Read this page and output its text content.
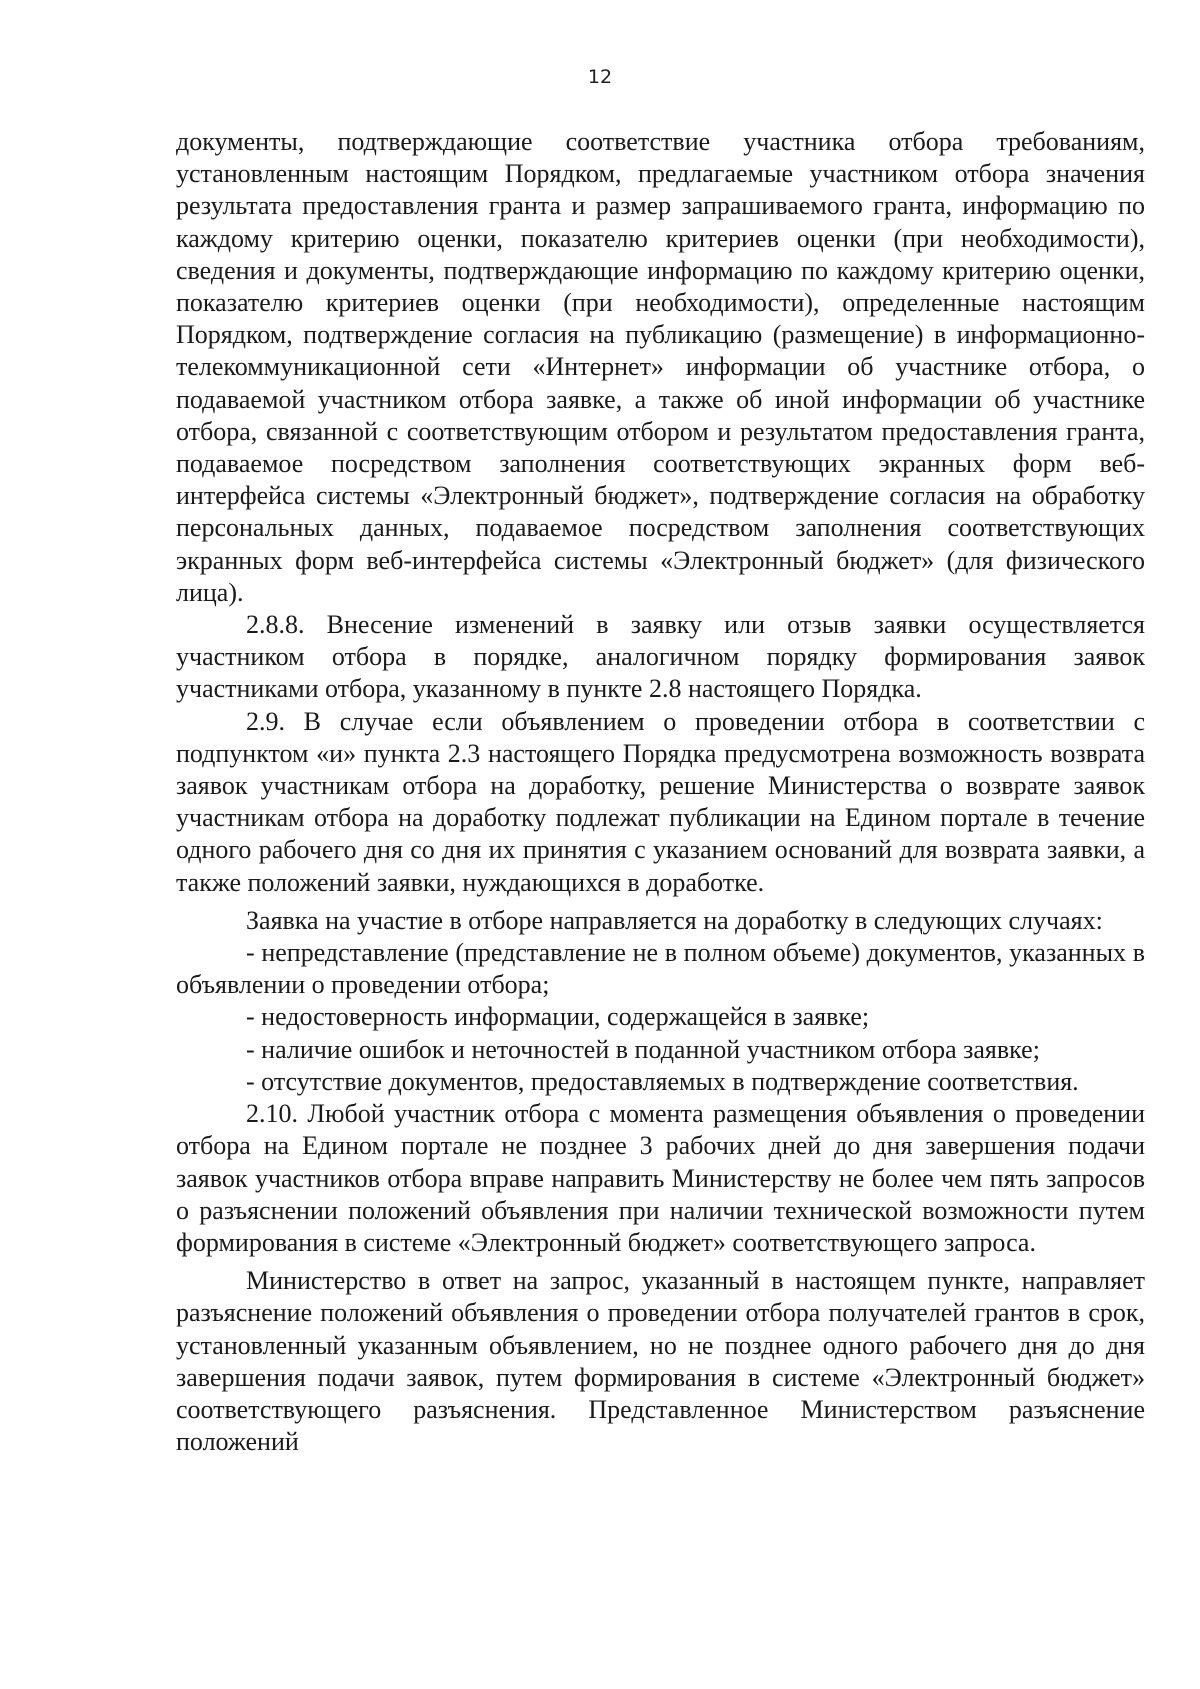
12

документы, подтверждающие соответствие участника отбора требованиям, установленным настоящим Порядком, предлагаемые участником отбора значения результата предоставления гранта и размер запрашиваемого гранта, информацию по каждому критерию оценки, показателю критериев оценки (при необходимости), сведения и документы, подтверждающие информацию по каждому критерию оценки, показателю критериев оценки (при необходимости), определенные настоящим Порядком, подтверждение согласия на публикацию (размещение) в информационно-телекоммуникационной сети «Интернет» информации об участнике отбора, о подаваемой участником отбора заявке, а также об иной информации об участнике отбора, связанной с соответствующим отбором и результатом предоставления гранта, подаваемое посредством заполнения соответствующих экранных форм веб-интерфейса системы «Электронный бюджет», подтверждение согласия на обработку персональных данных, подаваемое посредством заполнения соответствующих экранных форм веб-интерфейса системы «Электронный бюджет» (для физического лица).

2.8.8. Внесение изменений в заявку или отзыв заявки осуществляется участником отбора в порядке, аналогичном порядку формирования заявок участниками отбора, указанному в пункте 2.8 настоящего Порядка.

2.9. В случае если объявлением о проведении отбора в соответствии с подпунктом «и» пункта 2.3 настоящего Порядка предусмотрена возможность возврата заявок участникам отбора на доработку, решение Министерства о возврате заявок участникам отбора на доработку подлежат публикации на Едином портале в течение одного рабочего дня со дня их принятия с указанием оснований для возврата заявки, а также положений заявки, нуждающихся в доработке.

Заявка на участие в отборе направляется на доработку в следующих случаях:

- непредставление (представление не в полном объеме) документов, указанных в объявлении о проведении отбора;

- недостоверность информации, содержащейся в заявке;

- наличие ошибок и неточностей в поданной участником отбора заявке;

- отсутствие документов, предоставляемых в подтверждение соответствия.

2.10. Любой участник отбора с момента размещения объявления о проведении отбора на Едином портале не позднее 3 рабочих дней до дня завершения подачи заявок участников отбора вправе направить Министерству не более чем пять запросов о разъяснении положений объявления при наличии технической возможности путем формирования в системе «Электронный бюджет» соответствующего запроса.

Министерство в ответ на запрос, указанный в настоящем пункте, направляет разъяснение положений объявления о проведении отбора получателей грантов в срок, установленный указанным объявлением, но не позднее одного рабочего дня до дня завершения подачи заявок, путем формирования в системе «Электронный бюджет» соответствующего разъяснения. Представленное Министерством разъяснение положений
